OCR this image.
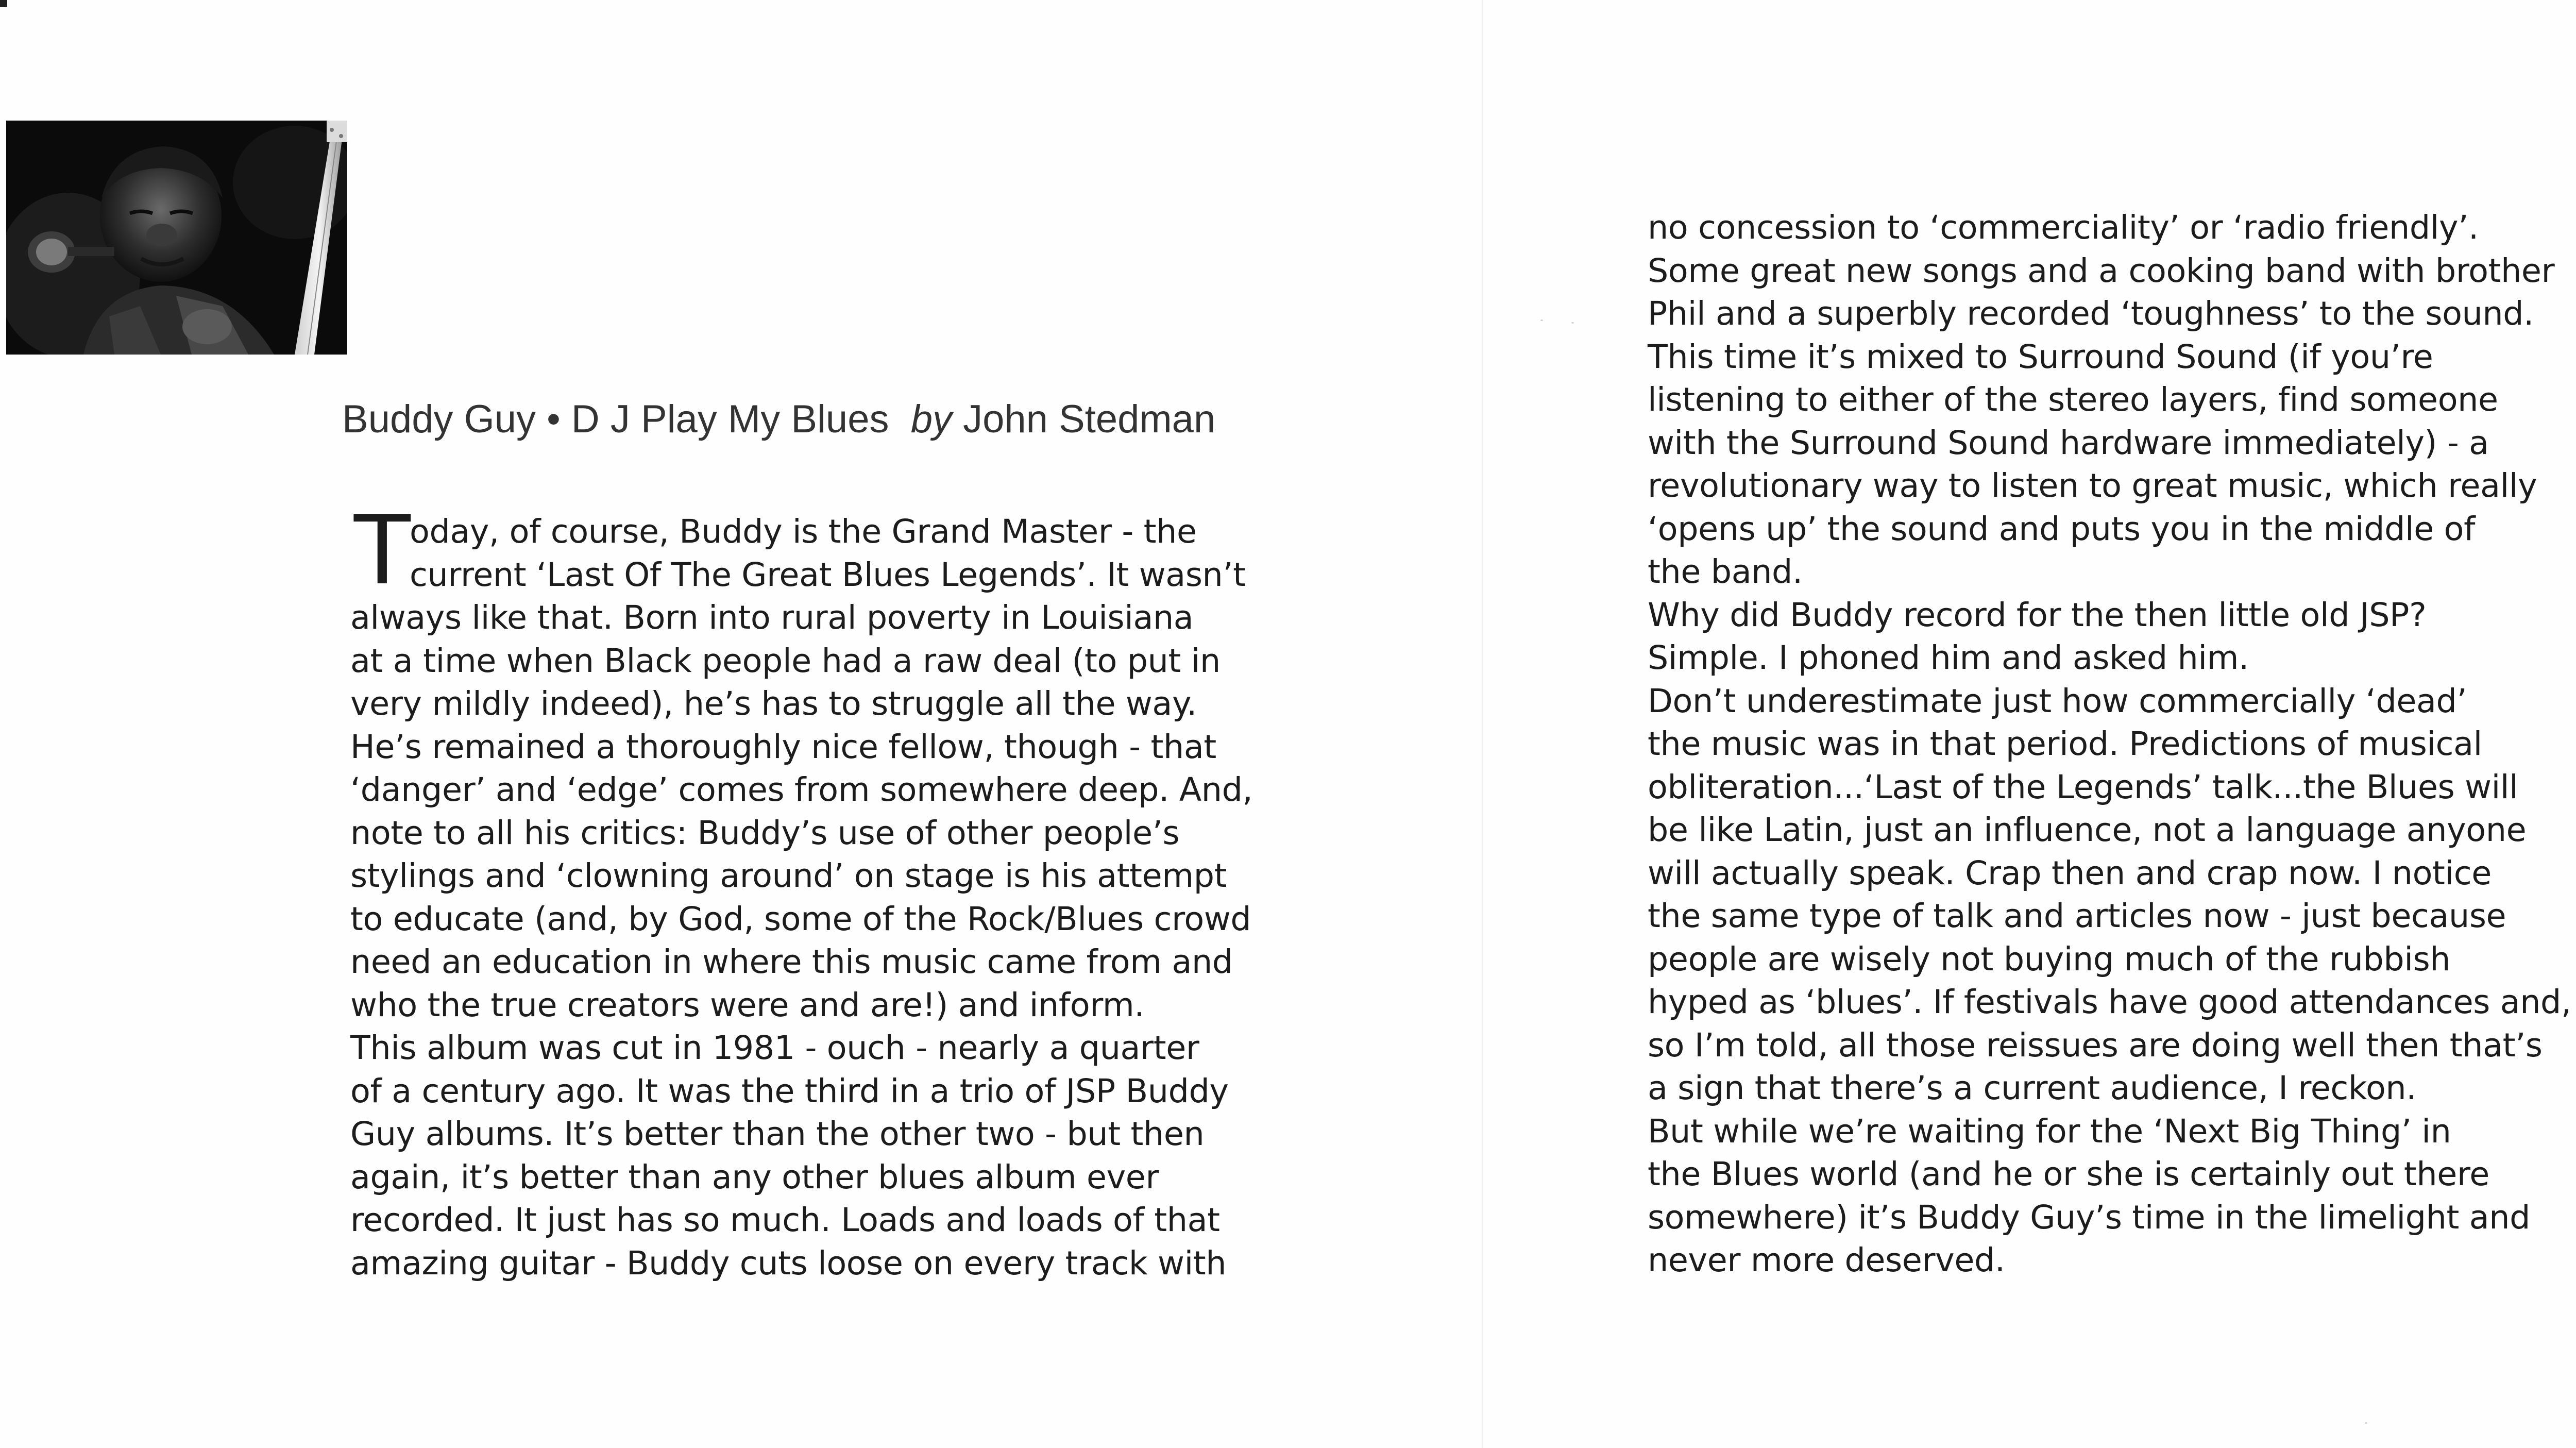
Buddy Guy • D J Play My Blues by John Stedman
T
oday, of course, Buddy is the Grand Master - the
current ‘Last Of The Great Blues Legends’. It wasn’t
always like that. Born into rural poverty in Louisiana
at a time when Black people had a raw deal (to put in
very mildly indeed), he’s has to struggle all the way.
He’s remained a thoroughly nice fellow, though - that
‘danger’ and ‘edge’ comes from somewhere deep. And,
note to all his critics: Buddy’s use of other people’s
stylings and ‘clowning around’ on stage is his attempt
to educate (and, by God, some of the Rock/Blues crowd
need an education in where this music came from and
who the true creators were and are!) and inform.
This album was cut in 1981 - ouch - nearly a quarter
of a century ago. It was the third in a trio of JSP Buddy
Guy albums. It’s better than the other two - but then
again, it’s better than any other blues album ever
recorded. It just has so much. Loads and loads of that
amazing guitar - Buddy cuts loose on every track with
no concession to ‘commerciality’ or ‘radio friendly’.
Some great new songs and a cooking band with brother
Phil and a superbly recorded ‘toughness’ to the sound.
This time it’s mixed to Surround Sound (if you’re
listening to either of the stereo layers, find someone
with the Surround Sound hardware immediately) - a
revolutionary way to listen to great music, which really
‘opens up’ the sound and puts you in the middle of
the band.
Why did Buddy record for the then little old JSP?
Simple. I phoned him and asked him.
Don’t underestimate just how commercially ‘dead’
the music was in that period. Predictions of musical
obliteration...‘Last of the Legends’ talk...the Blues will
be like Latin, just an influence, not a language anyone
will actually speak. Crap then and crap now. I notice
the same type of talk and articles now - just because
people are wisely not buying much of the rubbish
hyped as ‘blues’. If festivals have good attendances and,
so I’m told, all those reissues are doing well then that’s
a sign that there’s a current audience, I reckon.
But while we’re waiting for the ‘Next Big Thing’ in
the Blues world (and he or she is certainly out there
somewhere) it’s Buddy Guy’s time in the limelight and
never more deserved.
